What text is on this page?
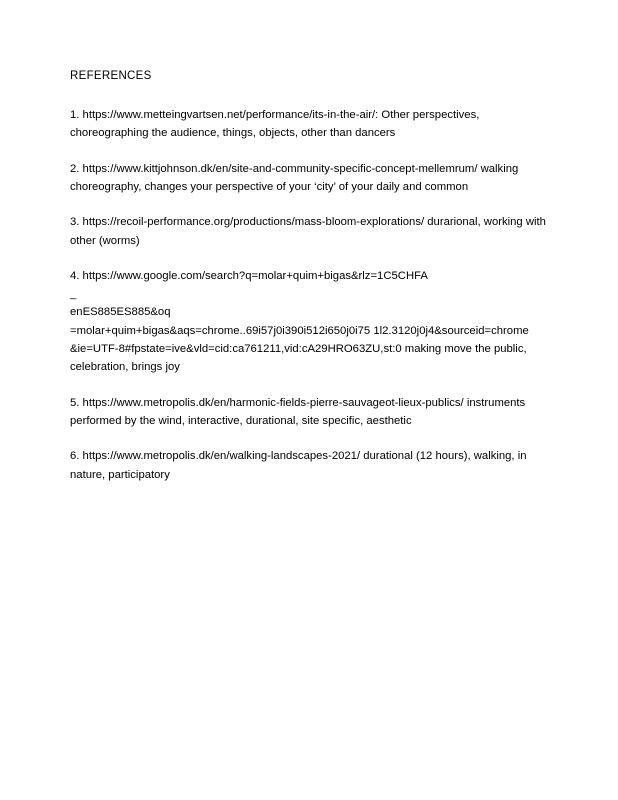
REFERENCES
1. https://www.metteingvartsen.net/performance/its-in-the-air/: Other perspectives,
choreographing the audience, things, objects, other than dancers
2. https://www.kittjohnson.dk/en/site-and-community-specific-concept-mellemrum/ walking
choreography, changes your perspective of your ‘city’ of your daily and common
3. https://recoil-performance.org/productions/mass-bloom-explorations/ durarional, working with
other (worms)
4. https://www.google.com/search?q=molar+quim+bigas&rlz=1C5CHFA
_
enES885ES885&oq
=molar+quim+bigas&aqs=chrome..69i57j0i390i512i650j0i75 1l2.3120j0j4&sourceid=chrome
&ie=UTF-8#fpstate=ive&vld=cid:ca761211,vid:cA29HRO63ZU,st:0 making move the public,
celebration, brings joy
5. https://www.metropolis.dk/en/harmonic-fields-pierre-sauvageot-lieux-publics/ instruments
performed by the wind, interactive, durational, site specific, aesthetic
6. https://www.metropolis.dk/en/walking-landscapes-2021/ durational (12 hours), walking, in
nature, participatory
